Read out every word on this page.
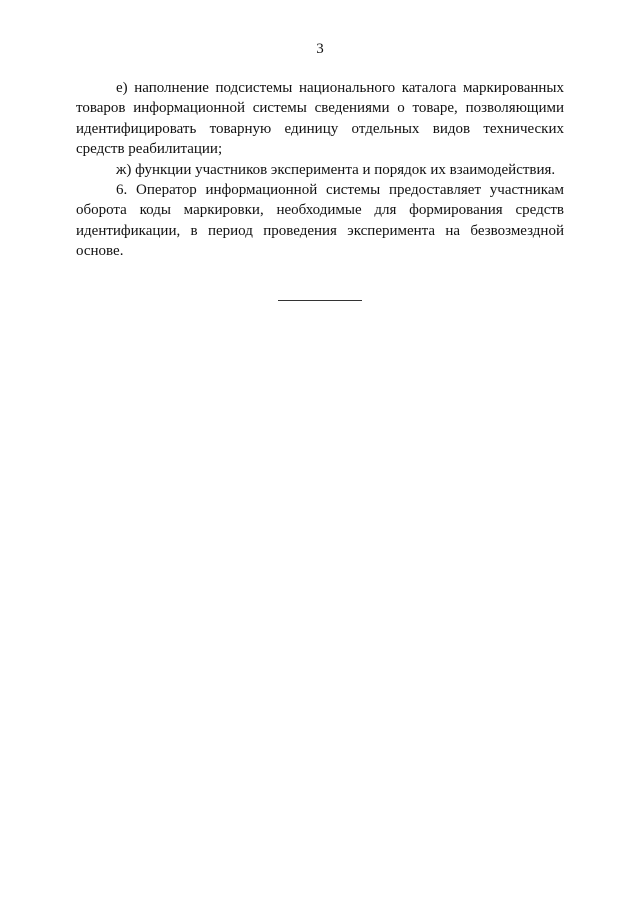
3

е) наполнение подсистемы национального каталога маркированных товаров информационной системы сведениями о товаре, позволяющими идентифицировать товарную единицу отдельных видов технических средств реабилитации;

ж) функции участников эксперимента и порядок их взаимодействия.

6. Оператор информационной системы предоставляет участникам оборота коды маркировки, необходимые для формирования средств идентификации, в период проведения эксперимента на безвозмездной основе.
